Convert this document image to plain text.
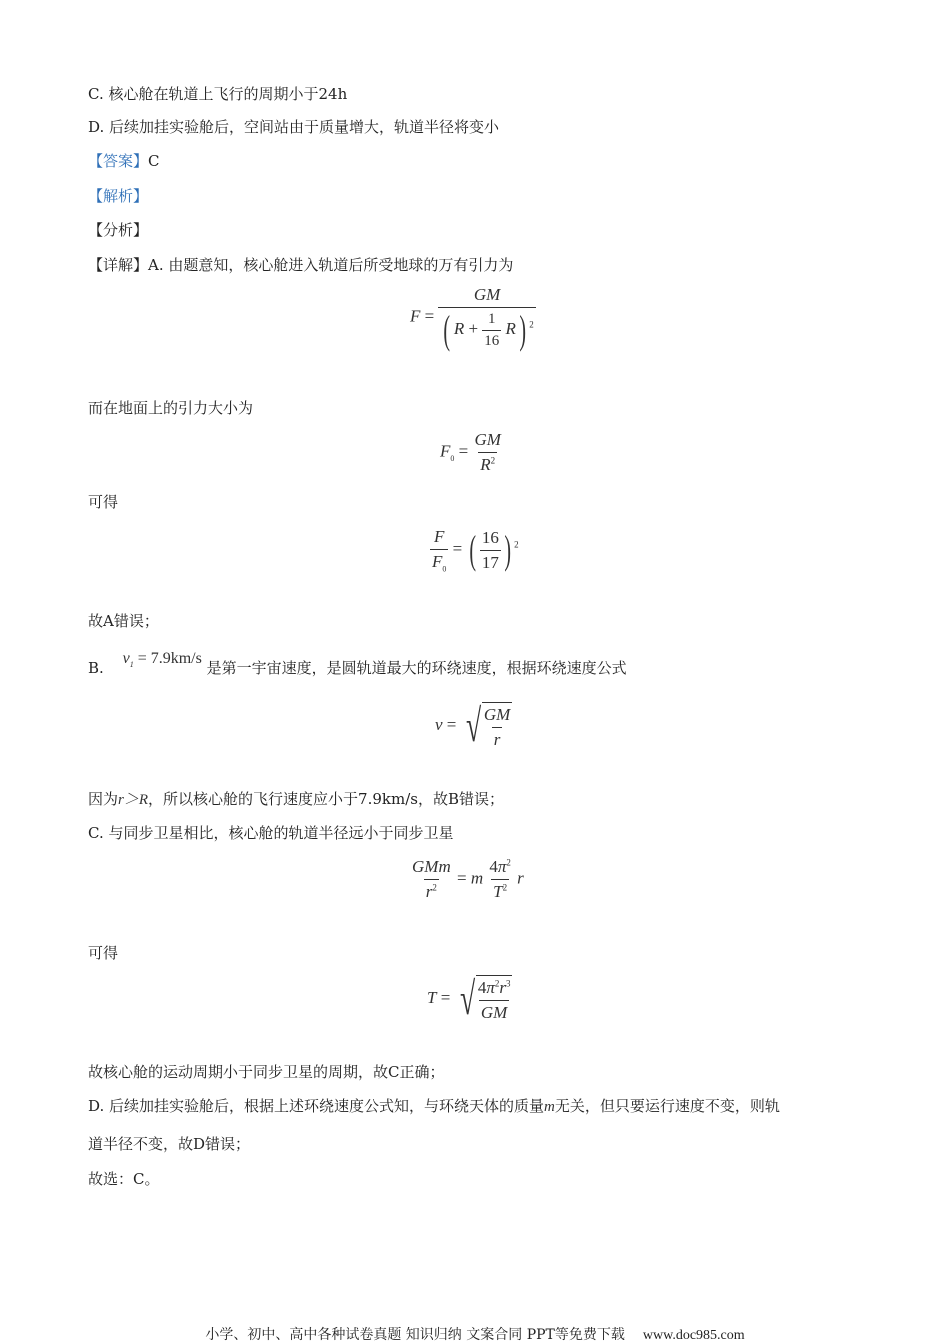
C. 核心舱在轨道上飞行的周期小于24h
D. 后续加挂实验舱后，空间站由于质量增大，轨道半径将变小
【答案】C
【解析】
【分析】
【详解】A. 由题意知，核心舱进入轨道后所受地球的万有引力为
$F = \frac{GM}{( R + \frac{1}{16} R) ^2}$
而在地面上的引力大小为
$F_0 = \frac{GM}{R^2}$
可得
$\frac{F}{F_0}$ = ( $\frac{16}{17}$ ) $^2$
故A错误；
B. $v_1 = 7.9km/s$ 是第一宇宙速度，是圆轨道最大的环绕速度，根据环绕速度公式
v = √ $\frac{GM}{r}$
因为r＞R，所以核心舱的飞行速度应小于7.9km/s，故B错误；
C. 与同步卫星相比，核心舱的轨道半径远小于同步卫星
$\frac{\text{GMm}}{r^2} = m \frac{4\pi^2}{T^2}$ r
可得
T = √ $\frac{4\pi^2r^3}{GM}$
故核心舱的运动周期小于同步卫星的周期，故C正确；
D. 后续加挂实验舱后，根据上述环绕速度公式知，与环绕天体的质量m无关，但只要运行速度不变，则轨
道半径不变，故D错误；
故选：C。
小学、初中、高中各种试卷真题 知识归纳 文案合同 PPT等免费下载 www.doc985.com
